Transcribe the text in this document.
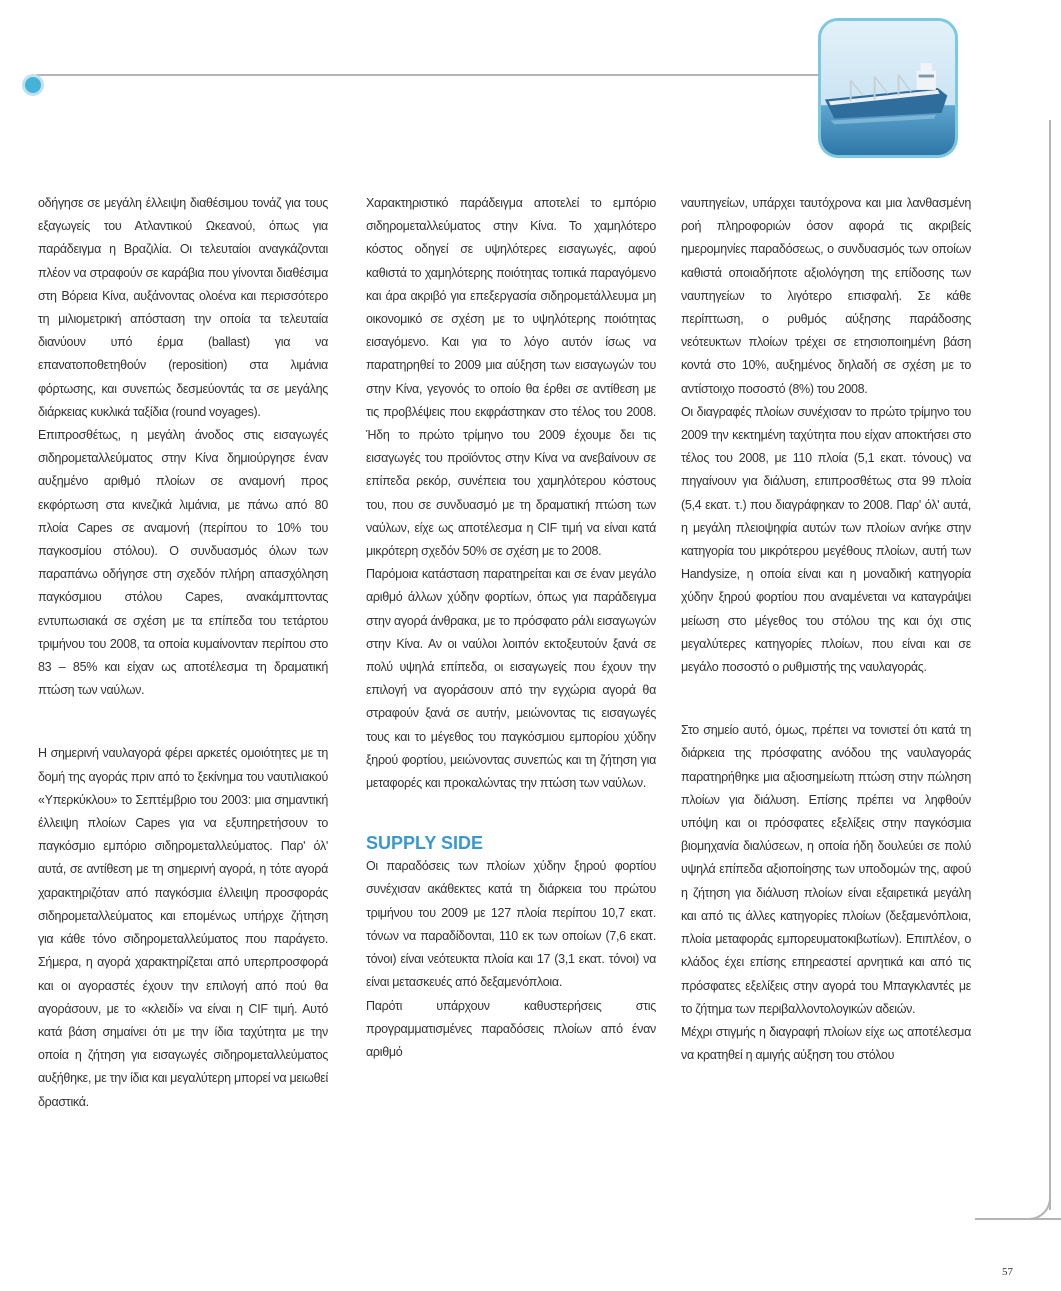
οδήγησε σε μεγάλη έλλειψη διαθέσιμου τονάζ για τους εξαγωγείς του Ατλαντικού Ωκεανού, όπως για παράδειγμα η Βραζιλία. Οι τελευταίοι αναγκάζονται πλέον να στραφούν σε καράβια που γίνονται διαθέσιμα στη Βόρεια Κίνα, αυξάνοντας ολοένα και περισσότερο τη μιλιομετρική απόσταση την οποία τα τελευταία διανύουν υπό έρμα (ballast) για να επανατοποθετηθούν (reposition) στα λιμάνια φόρτωσης, και συνεπώς δεσμεύοντάς τα σε μεγάλης διάρκειας κυκλικά ταξίδια (round voyages).

Επιπροσθέτως, η μεγάλη άνοδος στις εισαγωγές σιδηρομεταλλεύματος στην Κίνα δημιούργησε έναν αυξημένο αριθμό πλοίων σε αναμονή προς εκφόρτωση στα κινεζικά λιμάνια, με πάνω από 80 πλοία Capes σε αναμονή (περίπου το 10% του παγκοσμίου στόλου). Ο συνδυασμός όλων των παραπάνω οδήγησε στη σχεδόν πλήρη απασχόληση παγκόσμιου στόλου Capes, ανακάμπτοντας εντυπωσιακά σε σχέση με τα επίπεδα του τετάρτου τριμήνου του 2008, τα οποία κυμαίνονταν περίπου στο 83 – 85% και είχαν ως αποτέλεσμα τη δραματική πτώση των ναύλων.

Η σημερινή ναυλαγορά φέρει αρκετές ομοιότητες με τη δομή της αγοράς πριν από το ξεκίνημα του ναυτιλιακού «Υπερκύκλου» το Σεπτέμβριο του 2003: μια σημαντική έλλειψη πλοίων Capes για να εξυπηρετήσουν το παγκόσμιο εμπόριο σιδηρομεταλλεύματος. Παρ' όλ' αυτά, σε αντίθεση με τη σημερινή αγορά, η τότε αγορά χαρακτηριζόταν από παγκόσμια έλλειψη προσφοράς σιδηρομεταλλεύματος και επομένως υπήρχε ζήτηση για κάθε τόνο σιδηρομεταλλεύματος που παράγετο. Σήμερα, η αγορά χαρακτηρίζεται από υπερπροσφορά και οι αγοραστές έχουν την επιλογή από πού θα αγοράσουν, με το «κλειδί» να είναι η CIF τιμή. Αυτό κατά βάση σημαίνει ότι με την ίδια ταχύτητα με την οποία η ζήτηση για εισαγωγές σιδηρομεταλλεύματος αυξήθηκε, με την ίδια και μεγαλύτερη μπορεί να μειωθεί δραστικά.

Χαρακτηριστικό παράδειγμα αποτελεί το εμπόριο σιδηρομεταλλεύματος στην Κίνα. Το χαμηλότερο κόστος οδηγεί σε υψηλότερες εισαγωγές, αφού καθιστά το χαμηλότερης ποιότητας τοπικά παραγόμενο και άρα ακριβό για επεξεργασία σιδηρομετάλλευμα μη οικονομικό σε σχέση με το υψηλότερης ποιότητας εισαγόμενο. Και για το λόγο αυτόν ίσως να παρατηρηθεί το 2009 μια αύξηση των εισαγωγών του στην Κίνα, γεγονός το οποίο θα έρθει σε αντίθεση με τις προβλέψεις που εκφράστηκαν στο τέλος του 2008. Ήδη το πρώτο τρίμηνο του 2009 έχουμε δει τις εισαγωγές του προϊόντος στην Κίνα να ανεβαίνουν σε επίπεδα ρεκόρ, συνέπεια του χαμηλότερου κόστους του, που σε συνδυασμό με τη δραματική πτώση των ναύλων, είχε ως αποτέλεσμα η CIF τιμή να είναι κατά μικρότερη σχεδόν 50% σε σχέση με το 2008.

Παρόμοια κατάσταση παρατηρείται και σε έναν μεγάλο αριθμό άλλων χύδην φορτίων, όπως για παράδειγμα στην αγορά άνθρακα, με το πρόσφατο ράλι εισαγωγών στην Κίνα. Αν οι ναύλοι λοιπόν εκτοξευτούν ξανά σε πολύ υψηλά επίπεδα, οι εισαγωγείς που έχουν την επιλογή να αγοράσουν από την εγχώρια αγορά θα στραφούν ξανά σε αυτήν, μειώνοντας τις εισαγωγές τους και το μέγεθος του παγκόσμιου εμπορίου χύδην ξηρού φορτίου, μειώνοντας συνεπώς και τη ζήτηση για μεταφορές και προκαλώντας την πτώση των ναύλων.

SUPPLY SIDE

Οι παραδόσεις των πλοίων χύδην ξηρού φορτίου συνέχισαν ακάθεκτες κατά τη διάρκεια του πρώτου τριμήνου του 2009 με 127 πλοία περίπου 10,7 εκατ. τόνων να παραδίδονται, 110 εκ των οποίων (7,6 εκατ. τόνοι) είναι νεότευκτα πλοία και 17 (3,1 εκατ. τόνοι) να είναι μετασκευές από δεξαμενόπλοια.

Παρότι υπάρχουν καθυστερήσεις στις προγραμματισμένες παραδόσεις πλοίων από έναν αριθμό

ναυπηγείων, υπάρχει ταυτόχρονα και μια λανθασμένη ροή πληροφοριών όσον αφορά τις ακριβείς ημερομηνίες παραδόσεως, ο συνδυασμός των οποίων καθιστά οποιαδήποτε αξιολόγηση της επίδοσης των ναυπηγείων το λιγότερο επισφαλή. Σε κάθε περίπτωση, ο ρυθμός αύξησης παράδοσης νεότευκτων πλοίων τρέχει σε ετησιοποιημένη βάση κοντά στο 10%, αυξημένος δηλαδή σε σχέση με το αντίστοιχο ποσοστό (8%) του 2008.

Οι διαγραφές πλοίων συνέχισαν το πρώτο τρίμηνο του 2009 την κεκτημένη ταχύτητα που είχαν αποκτήσει στο τέλος του 2008, με 110 πλοία (5,1 εκατ. τόνους) να πηγαίνουν για διάλυση, επιπροσθέτως στα 99 πλοία (5,4 εκατ. τ.) που διαγράφηκαν το 2008. Παρ' όλ' αυτά, η μεγάλη πλειοψηφία αυτών των πλοίων ανήκε στην κατηγορία του μικρότερου μεγέθους πλοίων, αυτή των Handysize, η οποία είναι και η μοναδική κατηγορία χύδην ξηρού φορτίου που αναμένεται να καταγράψει μείωση στο μέγεθος του στόλου της και όχι στις μεγαλύτερες κατηγορίες πλοίων, που είναι και σε μεγάλο ποσοστό ο ρυθμιστής της ναυλαγοράς.

Στο σημείο αυτό, όμως, πρέπει να τονιστεί ότι κατά τη διάρκεια της πρόσφατης ανόδου της ναυλαγοράς παρατηρήθηκε μια αξιοσημείωτη πτώση στην πώληση πλοίων για διάλυση. Επίσης πρέπει να ληφθούν υπόψη και οι πρόσφατες εξελίξεις στην παγκόσμια βιομηχανία διαλύσεων, η οποία ήδη δουλεύει σε πολύ υψηλά επίπεδα αξιοποίησης των υποδομών της, αφού η ζήτηση για διάλυση πλοίων είναι εξαιρετικά μεγάλη και από τις άλλες κατηγορίες πλοίων (δεξαμενόπλοια, πλοία μεταφοράς εμπορευματοκιβωτίων). Επιπλέον, ο κλάδος έχει επίσης επηρεαστεί αρνητικά και από τις πρόσφατες εξελίξεις στην αγορά του Μπαγκλαντές με το ζήτημα των περιβαλλοντολογικών αδειών.

Μέχρι στιγμής η διαγραφή πλοίων είχε ως αποτέλεσμα να κρατηθεί η αμιγής αύξηση του στόλου

57
